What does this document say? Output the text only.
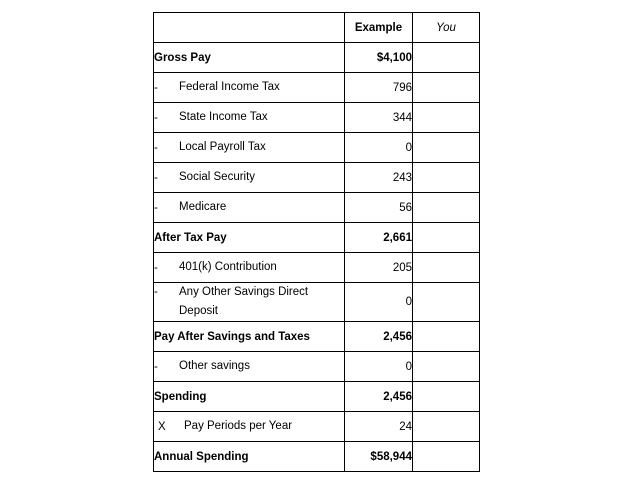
	Example	You
Gross Pay	$4,100	
- Federal Income Tax	796	
- State Income Tax	344	
- Local Payroll Tax	0	
- Social Security	243	
- Medicare	56	
After Tax Pay	2,661	
- 401(k) Contribution	205	
- Any Other Savings Direct Deposit	0	
Pay After Savings and Taxes	2,456	
- Other savings	0	
Spending	2,456	
X Pay Periods per Year	24	
Annual Spending	$58,944	
